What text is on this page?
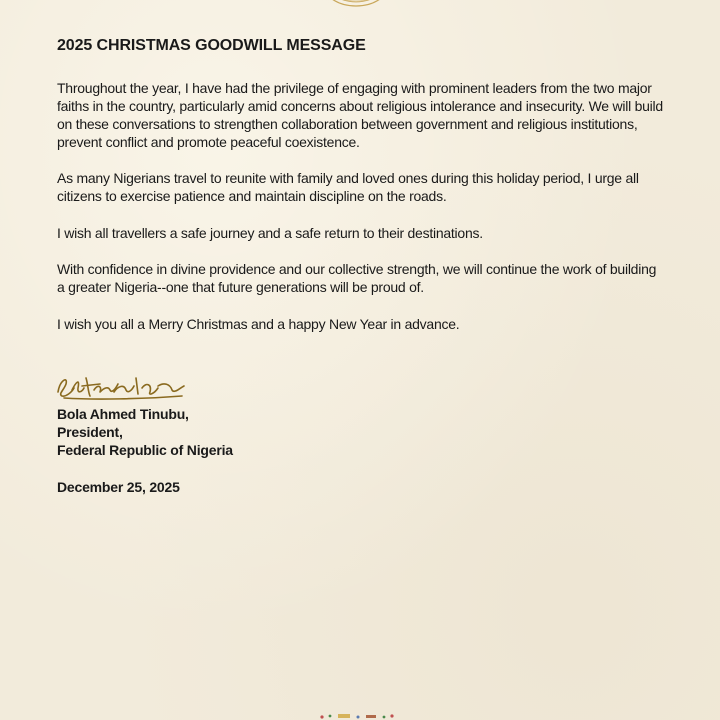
2025 CHRISTMAS GOODWILL MESSAGE

Throughout the year, I have had the privilege of engaging with prominent leaders from the two major faiths in the country, particularly amid concerns about religious intolerance and insecurity. We will build on these conversations to strengthen collaboration between government and religious institutions, prevent conflict and promote peaceful coexistence.

As many Nigerians travel to reunite with family and loved ones during this holiday period, I urge all citizens to exercise patience and maintain discipline on the roads.

I wish all travellers a safe journey and a safe return to their destinations.

With confidence in divine providence and our collective strength, we will continue the work of building a greater Nigeria--one that future generations will be proud of.

I wish you all a Merry Christmas and a happy New Year in advance.

Bola Ahmed Tinubu,
President,
Federal Republic of Nigeria
December 25, 2025
